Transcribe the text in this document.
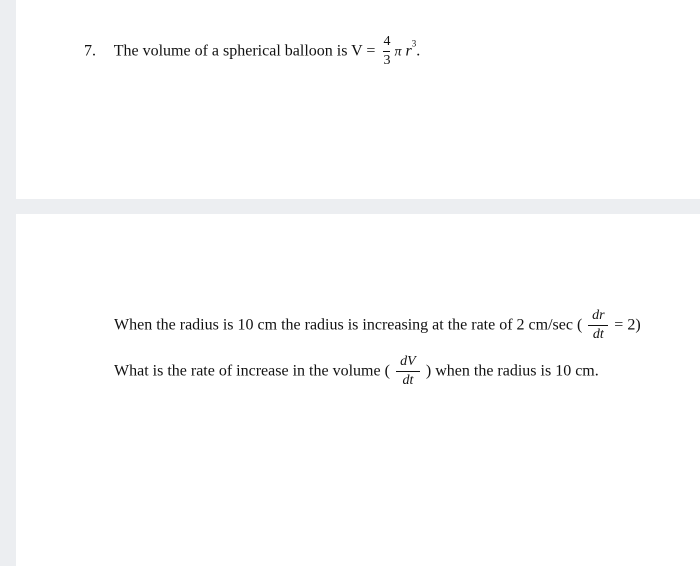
7. The volume of a spherical balloon is $V = \frac{4}{3}$ π $r^3$.
When the radius is 10 cm the radius is increasing at the rate of 2 cm/sec ( $\frac{dr}{dt} = 2$)
What is the rate of increase in the volume ( $\frac{dV}{dt}$ ) when the radius is 10 cm.
